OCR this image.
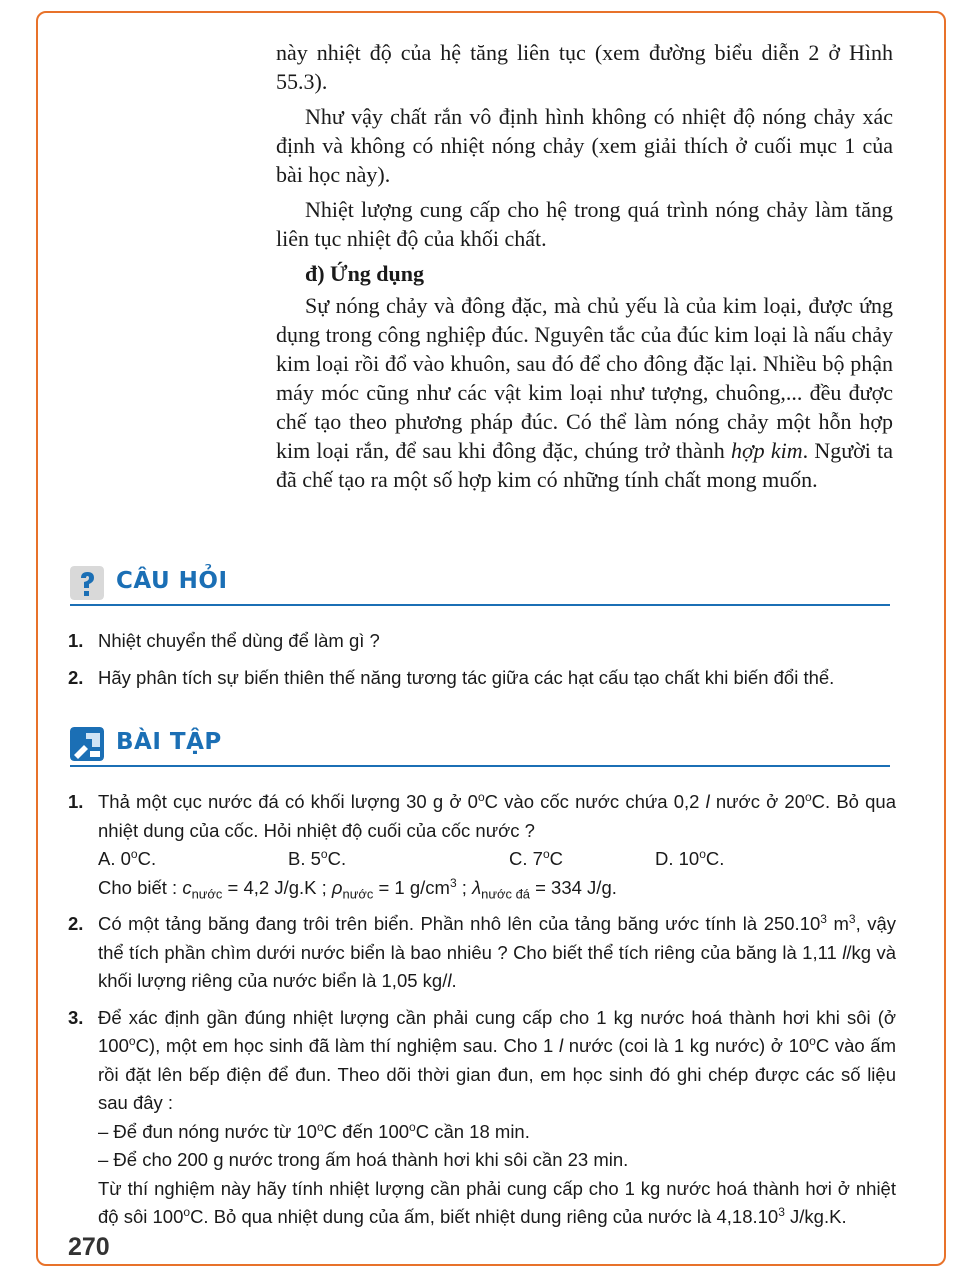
này nhiệt độ của hệ tăng liên tục (xem đường biểu diễn 2 ở Hình 55.3).

Như vậy chất rắn vô định hình không có nhiệt độ nóng chảy xác định và không có nhiệt nóng chảy (xem giải thích ở cuối mục 1 của bài học này).

Nhiệt lượng cung cấp cho hệ trong quá trình nóng chảy làm tăng liên tục nhiệt độ của khối chất.

đ) Ứng dụng

Sự nóng chảy và đông đặc, mà chủ yếu là của kim loại, được ứng dụng trong công nghiệp đúc. Nguyên tắc của đúc kim loại là nấu chảy kim loại rồi đổ vào khuôn, sau đó để cho đông đặc lại. Nhiều bộ phận máy móc cũng như các vật kim loại như tượng, chuông,... đều được chế tạo theo phương pháp đúc. Có thể làm nóng chảy một hỗn hợp kim loại rắn, để sau khi đông đặc, chúng trở thành hợp kim. Người ta đã chế tạo ra một số hợp kim có những tính chất mong muốn.

CÂU HỎI
1. Nhiệt chuyển thể dùng để làm gì ?
2. Hãy phân tích sự biến thiên thế năng tương tác giữa các hạt cấu tạo chất khi biến đổi thể.
BÀI TẬP
1. Thả một cục nước đá có khối lượng 30 g ở 0$^o$C vào cốc nước chứa 0,2 l nước ở 20$^o$C. Bỏ qua nhiệt dung của cốc. Hỏi nhiệt độ cuối của cốc nước ?
A. 0$^o$C.	B. 5$^o$C.	C. 7$^o$C	D. 10$^o$C.
Cho biết : $c_{nước} = 4,2$ J/g.K ; $\rho_{nước} = 1$ $g/cm^3$ ; $\lambda_{nước đá} = 334$ J/g.
2. Có một tảng băng đang trôi trên biển. Phần nhô lên của tảng băng ước tính là 250.10$^3$ $m^3$, vậy thể tích phần chìm dưới nước biển là bao nhiêu ? Cho biết thể tích riêng của băng là 1,11 l/kg và khối lượng riêng của nước biển là 1,05 kg/l.
3. Để xác định gần đúng nhiệt lượng cần phải cung cấp cho 1 kg nước hoá thành hơi khi sôi (ở 100$^o$C), một em học sinh đã làm thí nghiệm sau. Cho 1 l nước (coi là 1 kg nước) ở 10$^o$C vào ấm rồi đặt lên bếp điện để đun. Theo dõi thời gian đun, em học sinh đó ghi chép được các số liệu sau đây :
– Để đun nóng nước từ 10$^o$C đến 100$^o$C cần 18 min.
– Để cho 200 g nước trong ấm hoá thành hơi khi sôi cần 23 min.
Từ thí nghiệm này hãy tính nhiệt lượng cần phải cung cấp cho 1 kg nước hoá thành hơi ở nhiệt độ sôi 100$^o$C. Bỏ qua nhiệt dung của ấm, biết nhiệt dung riêng của nước là 4,18.10$^3$ J/kg.K.
270
